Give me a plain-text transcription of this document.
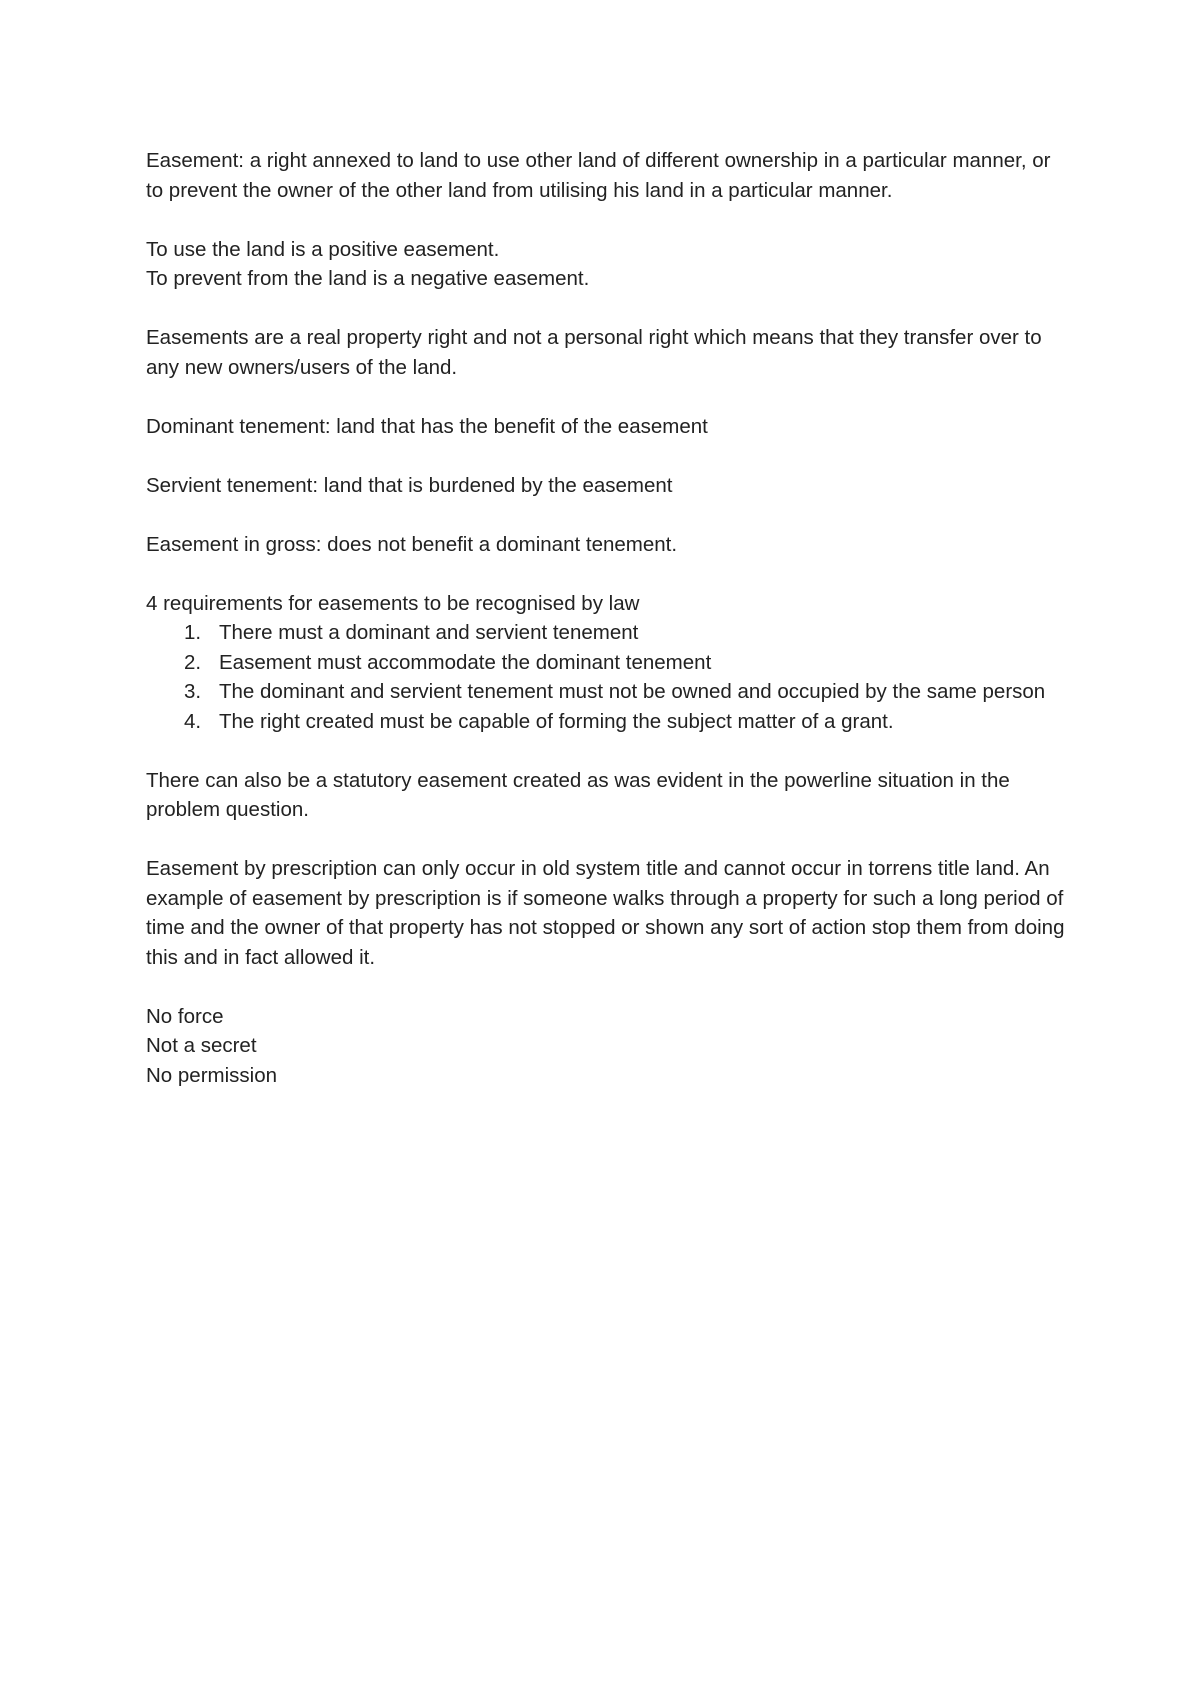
Easement: a right annexed to land to use other land of different ownership in a particular manner, or to prevent the owner of the other land from utilising his land in a particular manner.

To use the land is a positive easement.

To prevent from the land is a negative easement.

Easements are a real property right and not a personal right which means that they transfer over to any new owners/users of the land.

Dominant tenement: land that has the benefit of the easement

Servient tenement: land that is burdened by the easement

Easement in gross: does not benefit a dominant tenement.

4 requirements for easements to be recognised by law

1. There must a dominant and servient tenement
2. Easement must accommodate the dominant tenement
3. The dominant and servient tenement must not be owned and occupied by the same person
4. The right created must be capable of forming the subject matter of a grant.

There can also be a statutory easement created as was evident in the powerline situation in the problem question.

Easement by prescription can only occur in old system title and cannot occur in torrens title land. An example of easement by prescription is if someone walks through a property for such a long period of time and the owner of that property has not stopped or shown any sort of action stop them from doing this and in fact allowed it.

No force

Not a secret

No permission
